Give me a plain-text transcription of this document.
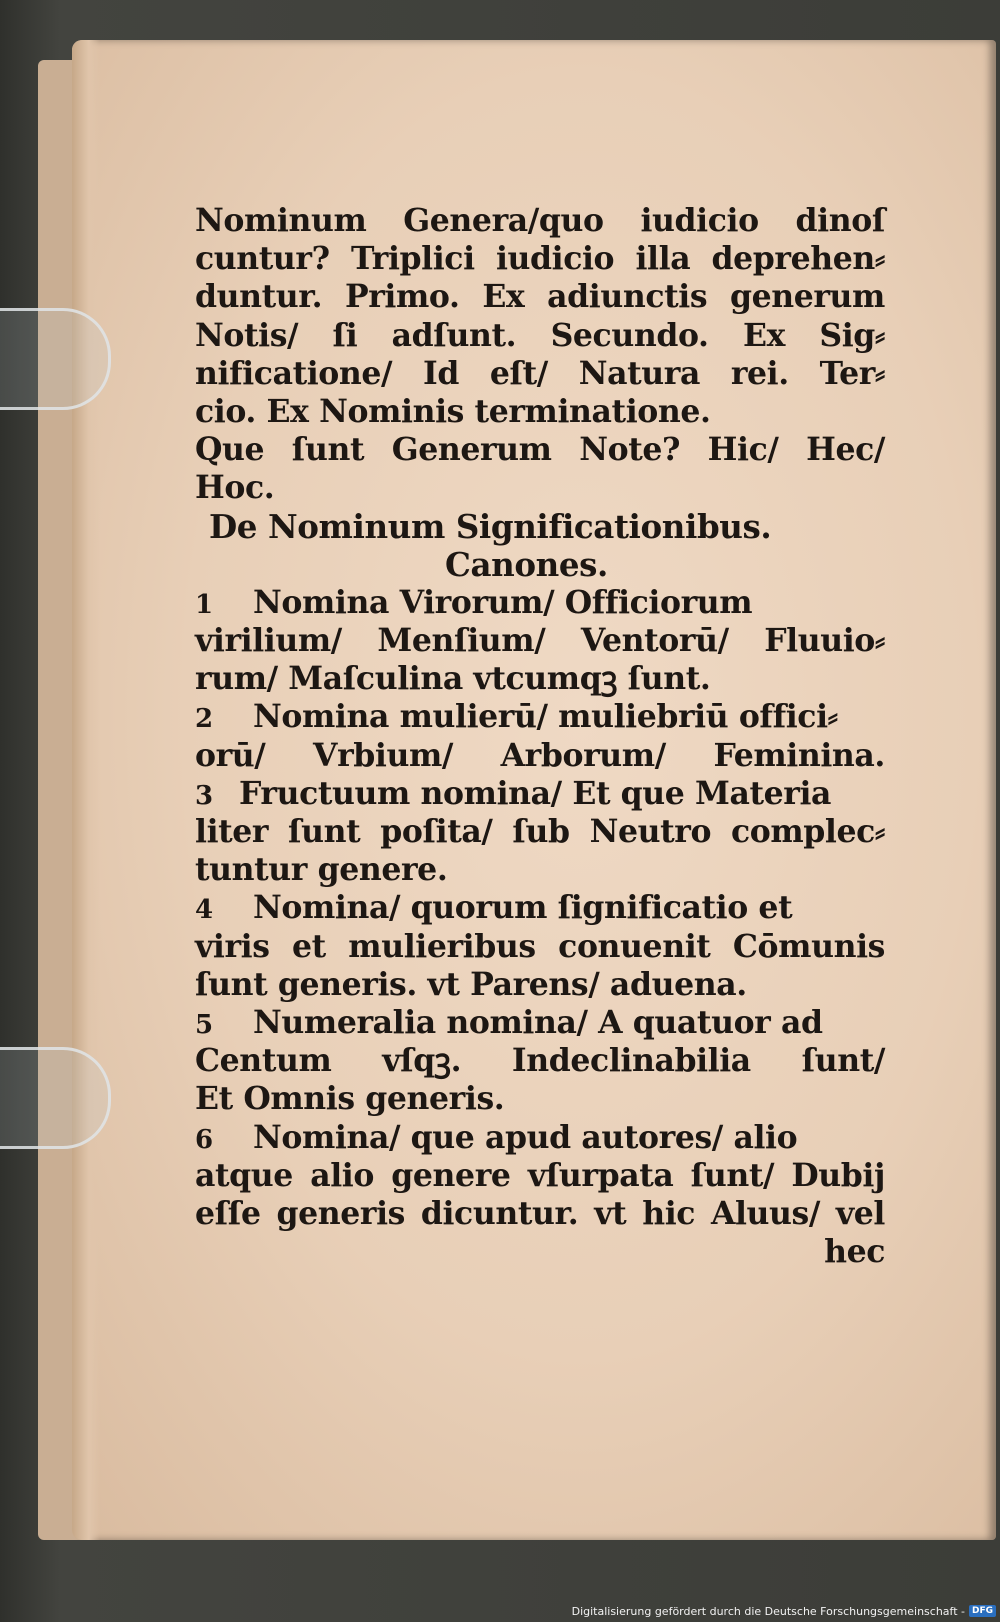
Nominum Genera/quo iudicio dinoſ
cuntur? Triplici iudicio illa deprehen⸗
duntur. Primo. Ex adiunctis generum
Notis/ ſi adſunt. Secundo. Ex Sig⸗
nificatione/ Id eſt/ Natura rei. Ter⸗
cio. Ex Nominis terminatione.
Que ſunt Generum Note? Hic/ Hec/
Hoc.
De Nominum Significationibus.
Canones.
1 Nomina Virorum/ Officiorum
virilium/ Menſium/ Ventorū/ Fluuio⸗
rum/ Maſculina vtcumqꝫ ſunt.
2 Nomina mulierū/ muliebriū offici⸗
orū/ Vrbium/ Arborum/ Feminina.
3 Fructuum nomina/ Et que Materia
liter ſunt poſita/ ſub Neutro complec⸗
tuntur genere.
4 Nomina/ quorum ſignificatio et
viris et mulieribus conuenit Cōmunis
ſunt generis. vt Parens/ aduena.
5 Numeralia nomina/ A quatuor ad
Centum vſqꝫ. Indeclinabilia ſunt/
Et Omnis generis.
6 Nomina/ que apud autores/ alio
atque alio genere vſurpata ſunt/ Dubij
eſſe generis dicuntur. vt hic Aluus/ vel
hec
Digitalisierung gefördert durch die Deutsche Forschungsgemeinschaft - DFG
